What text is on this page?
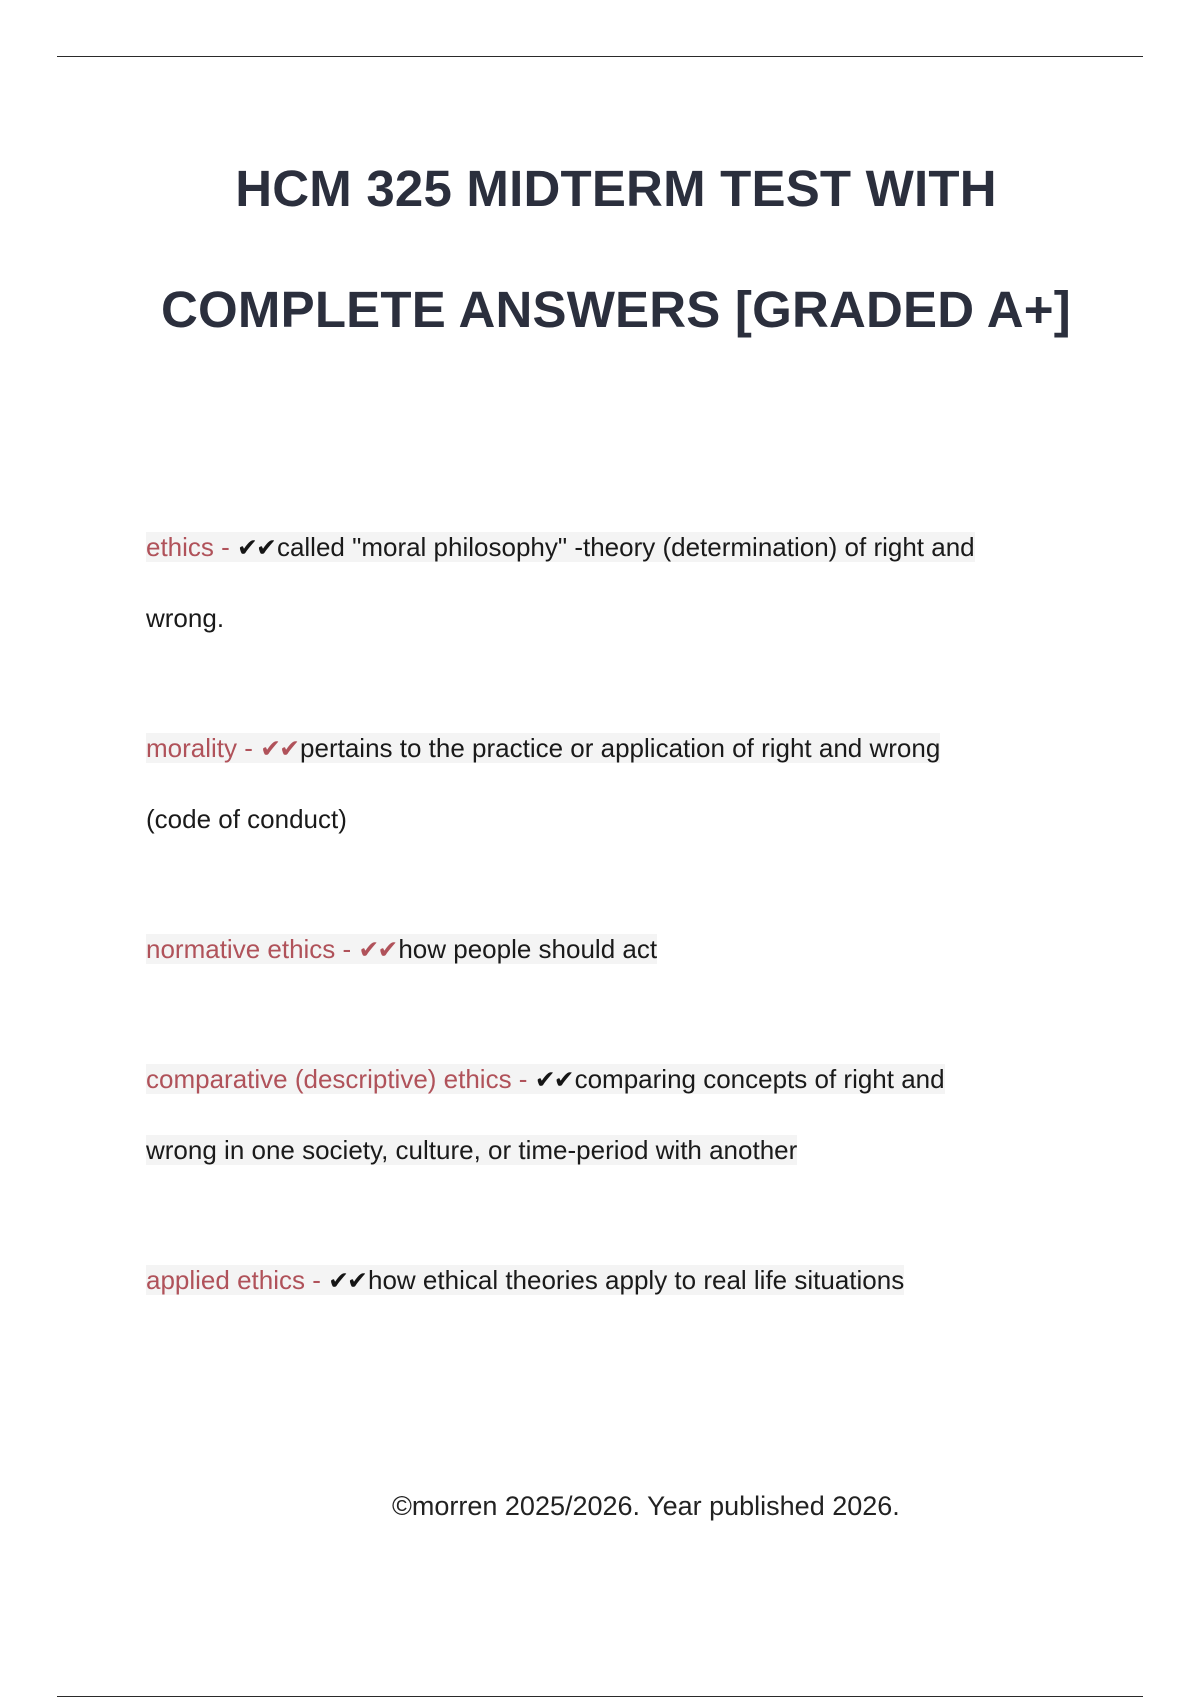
HCM 325 MIDTERM TEST WITH
COMPLETE ANSWERS [GRADED A+]

ethics - ✔✔called "moral philosophy" -theory (determination) of right and
wrong.

morality - ✔✔pertains to the practice or application of right and wrong
(code of conduct)

normative ethics - ✔✔how people should act

comparative (descriptive) ethics - ✔✔comparing concepts of right and
wrong in one society, culture, or time-period with another

applied ethics - ✔✔how ethical theories apply to real life situations

©morren 2025/2026. Year published 2026.
